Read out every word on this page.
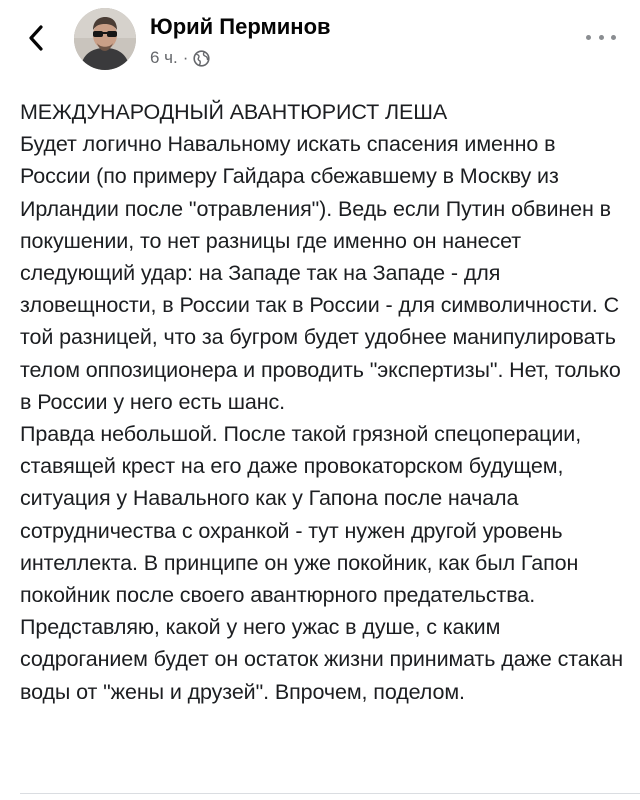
Юрий Перминов
6 ч. ·

МЕЖДУНАРОДНЫЙ АВАНТЮРИСТ ЛЕША
Будет логично Навальному искать спасения именно в России (по примеру Гайдара сбежавшему в Москву из Ирландии после "отравления"). Ведь если Путин обвинен в покушении, то нет разницы где именно он нанесет следующий удар: на Западе так на Западе - для зловещности, в России так в России - для символичности. С той разницей, что за бугром будет удобнее манипулировать телом оппозиционера и проводить "экспертизы". Нет, только в России у него есть шанс.

Правда небольшой. После такой грязной спецоперации, ставящей крест на его даже провокаторском будущем, ситуация у Навального как у Гапона после начала сотрудничества с охранкой - тут нужен другой уровень интеллекта. В принципе он уже покойник, как был Гапон покойник после своего авантюрного предательства.

Представляю, какой у него ужас в душе, с каким содроганием будет он остаток жизни принимать даже стакан воды от "жены и друзей". Впрочем, поделом.
